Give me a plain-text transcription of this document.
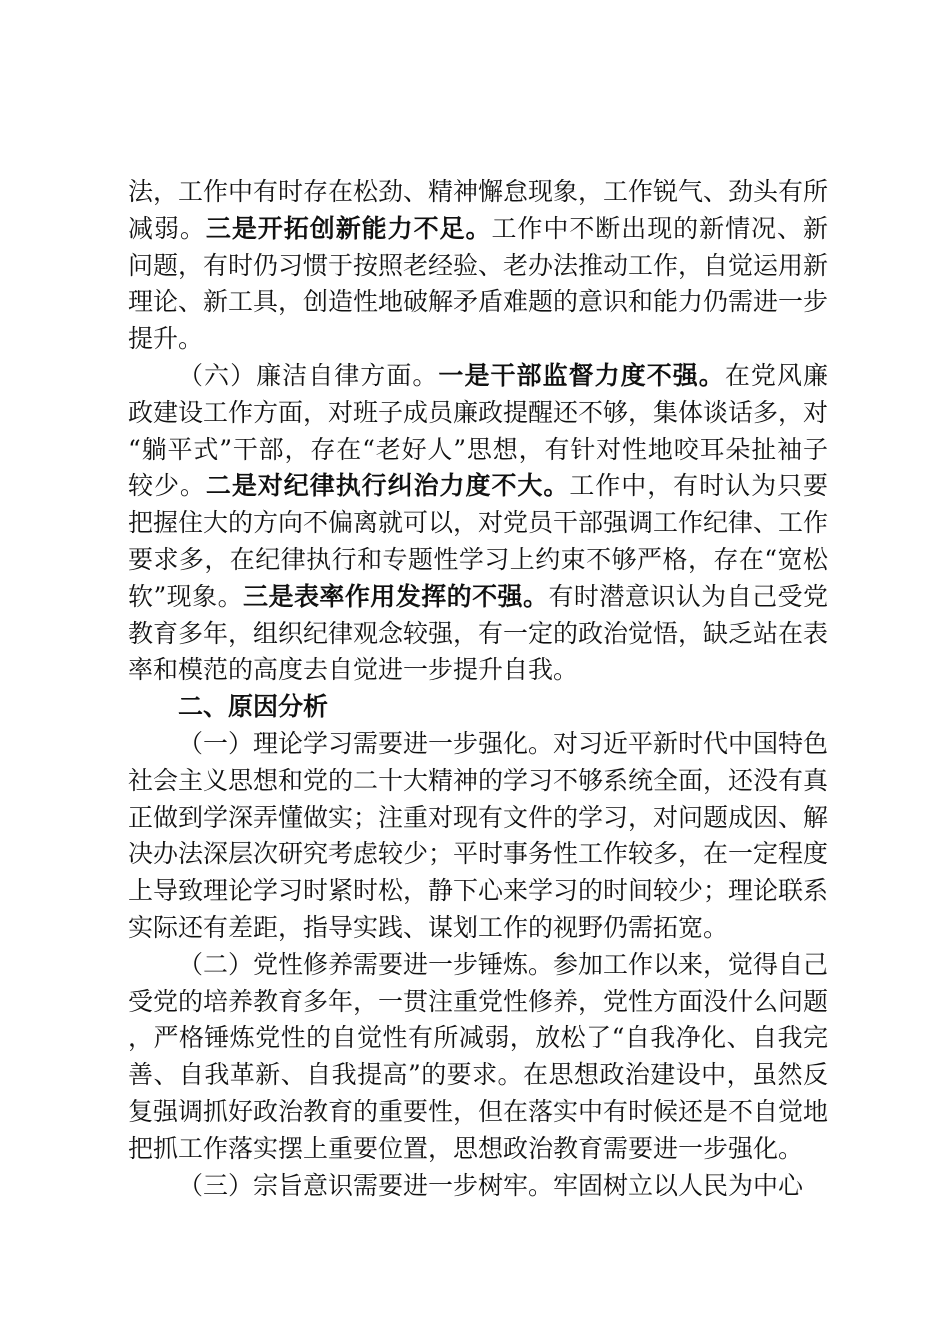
法，工作中有时存在松劲、精神懈怠现象，工作锐气、劲头有所减弱。三是开拓创新能力不足。工作中不断出现的新情况、新问题，有时仍习惯于按照老经验、老办法推动工作，自觉运用新理论、新工具，创造性地破解矛盾难题的意识和能力仍需进一步提升。

（六）廉洁自律方面。一是干部监督力度不强。在党风廉政建设工作方面，对班子成员廉政提醒还不够，集体谈话多，对“躺平式”干部，存在“老好人”思想，有针对性地咬耳朵扯袖子较少。二是对纪律执行纠治力度不大。工作中，有时认为只要把握住大的方向不偏离就可以，对党员干部强调工作纪律、工作要求多，在纪律执行和专题性学习上约束不够严格，存在“宽松软”现象。三是表率作用发挥的不强。有时潜意识认为自己受党教育多年，组织纪律观念较强，有一定的政治觉悟，缺乏站在表率和模范的高度去自觉进一步提升自我。

二、原因分析

（一）理论学习需要进一步强化。对习近平新时代中国特色社会主义思想和党的二十大精神的学习不够系统全面，还没有真正做到学深弄懂做实；注重对现有文件的学习，对问题成因、解决办法深层次研究考虑较少；平时事务性工作较多，在一定程度上导致理论学习时紧时松，静下心来学习的时间较少；理论联系实际还有差距，指导实践、谋划工作的视野仍需拓宽。

（二）党性修养需要进一步锤炼。参加工作以来，觉得自己受党的培养教育多年，一贯注重党性修养，党性方面没什么问题，严格锤炼党性的自觉性有所减弱，放松了“自我净化、自我完善、自我革新、自我提高”的要求。在思想政治建设中，虽然反复强调抓好政治教育的重要性，但在落实中有时候还是不自觉地把抓工作落实摆上重要位置，思想政治教育需要进一步强化。

（三）宗旨意识需要进一步树牢。牢固树立以人民为中心
